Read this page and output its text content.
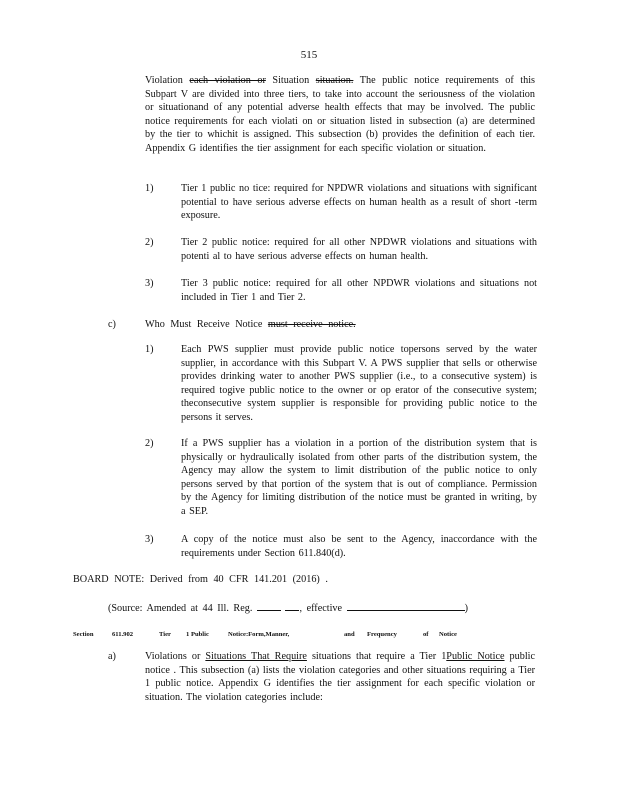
515
Violation each violation or Situation situation. The public notice requirements of this Subpart V are divided into three tiers, to take into account the seriousness of the violation or situationand of any potential adverse health effects that may be involved. The public notice requirements for each violati on or situation listed in subsection (a) are determined by the tier to whichit is assigned. This subsection (b) provides the definition of each tier. Appendix G identifies the tier assignment for each specific violation or situation.
1)	Tier 1 public no tice: required for NPDWR violations and situations with significant potential to have serious adverse effects on human health as a result of short -term exposure.
2)	Tier 2 public notice: required for all other NPDWR violations and situations with potenti al to have serious adverse effects on human health.
3)	Tier 3 public notice: required for all other NPDWR violations and situations not included in Tier 1 and Tier 2.
c)	Who Must Receive Notice must receive notice.
1)	Each PWS supplier must provide public notice topersons served by the water supplier, in accordance with this Subpart V. A PWS supplier that sells or otherwise provides drinking water to another PWS supplier (i.e., to a consecutive system) is required togive public notice to the owner or op erator of the consecutive system; theconsecutive system supplier is responsible for providing public notice to the persons it serves.
2)	If a PWS supplier has a violation in a portion of the distribution system that is physically or hydraulically isolated from other parts of the distribution system, the Agency may allow the system to limit distribution of the public notice to only persons served by that portion of the system that is out of compliance. Permission by the Agency for limiting distribution of the notice must be granted in writing, by a SEP.
3)	A copy of the notice must also be sent to the Agency, inaccordance with the requirements under Section 611.840(d).
BOARD NOTE: Derived from 40 CFR 141.201 (2016) .
(Source: Amended at 44 Ill. Reg.	, effective	)
Section	611.902	Tier 1 Public	Notice:Form,Manner,	and Frequency	of Notice
a)	Violations or Situations That Require situations that require a Tier 1Public Notice public notice . This subsection (a) lists the violation categories and other situations requiring a Tier 1 public notice. Appendix G identifies the tier assignment for each specific violation or situation. The violation categories include:
